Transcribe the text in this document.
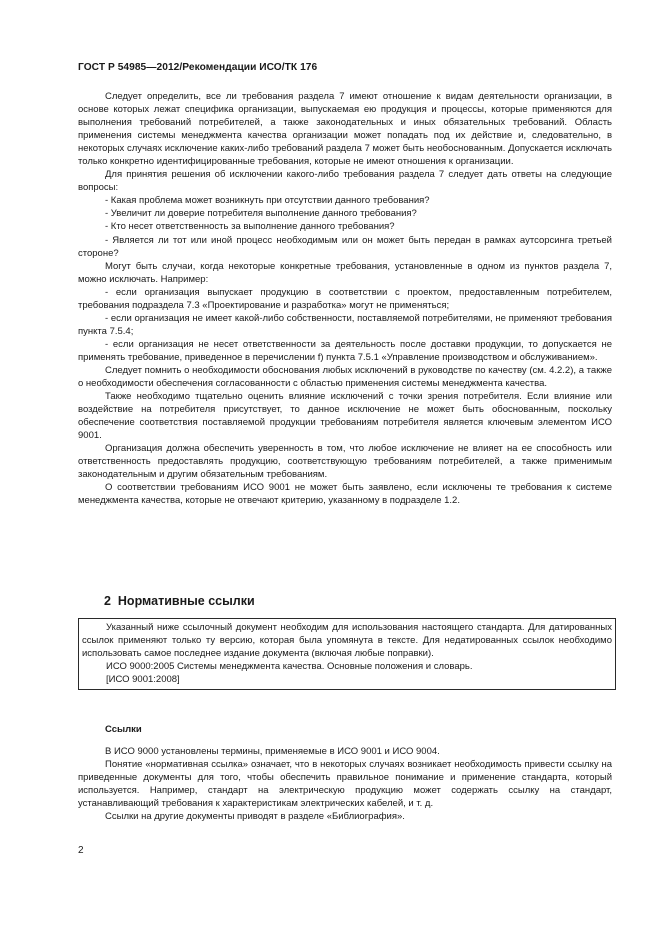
ГОСТ Р 54985—2012/Рекомендации ИСО/ТК 176

Следует определить, все ли требования раздела 7 имеют отношение к видам деятельности организации, в основе которых лежат специфика организации, выпускаемая ею продукция и процессы, которые применяются для выполнения требований потребителей, а также законодательных и иных обязательных требований. Область применения системы менеджмента качества организации может попадать под их действие и, следовательно, в некоторых случаях исключение каких-либо требований раздела 7 может быть необоснованным. Допускается исключать только конкретно идентифицированные требования, которые не имеют отношения к организации.

Для принятия решения об исключении какого-либо требования раздела 7 следует дать ответы на следующие вопросы:

- Какая проблема может возникнуть при отсутствии данного требования?

- Увеличит ли доверие потребителя выполнение данного требования?

- Кто несет ответственность за выполнение данного требования?

- Является ли тот или иной процесс необходимым или он может быть передан в рамках аутсорсинга третьей стороне?

Могут быть случаи, когда некоторые конкретные требования, установленные в одном из пунктов раздела 7, можно исключать. Например:

- если организация выпускает продукцию в соответствии с проектом, предоставленным потребителем, требования подраздела 7.3 «Проектирование и разработка» могут не применяться;

- если организация не имеет какой-либо собственности, поставляемой потребителями, не применяют требования пункта 7.5.4;

- если организация не несет ответственности за деятельность после доставки продукции, то допускается не применять требование, приведенное в перечислении f) пункта 7.5.1 «Управление производством и обслуживанием».

Следует помнить о необходимости обоснования любых исключений в руководстве по качеству (см. 4.2.2), а также о необходимости обеспечения согласованности с областью применения системы менеджмента качества.

Также необходимо тщательно оценить влияние исключений с точки зрения потребителя. Если влияние или воздействие на потребителя присутствует, то данное исключение не может быть обоснованным, поскольку обеспечение соответствия поставляемой продукции требованиям потребителя является ключевым элементом ИСО 9001.

Организация должна обеспечить уверенность в том, что любое исключение не влияет на ее способность или ответственность предоставлять продукцию, соответствующую требованиям потребителей, а также применимым законодательным и другим обязательным требованиям.

О соответствии требованиям ИСО 9001 не может быть заявлено, если исключены те требования к системе менеджмента качества, которые не отвечают критерию, указанному в подразделе 1.2.

2 Нормативные ссылки

Указанный ниже ссылочный документ необходим для использования настоящего стандарта. Для датированных ссылок применяют только ту версию, которая была упомянута в тексте. Для недатированных ссылок необходимо использовать самое последнее издание документа (включая любые поправки).

ИСО 9000:2005 Системы менеджмента качества. Основные положения и словарь.

[ИСО 9001:2008]

Ссылки

В ИСО 9000 установлены термины, применяемые в ИСО 9001 и ИСО 9004.

Понятие «нормативная ссылка» означает, что в некоторых случаях возникает необходимость привести ссылку на приведенные документы для того, чтобы обеспечить правильное понимание и применение стандарта, который используется. Например, стандарт на электрическую продукцию может содержать ссылку на стандарт, устанавливающий требования к характеристикам электрических кабелей, и т. д.

Ссылки на другие документы приводят в разделе «Библиография».

2
